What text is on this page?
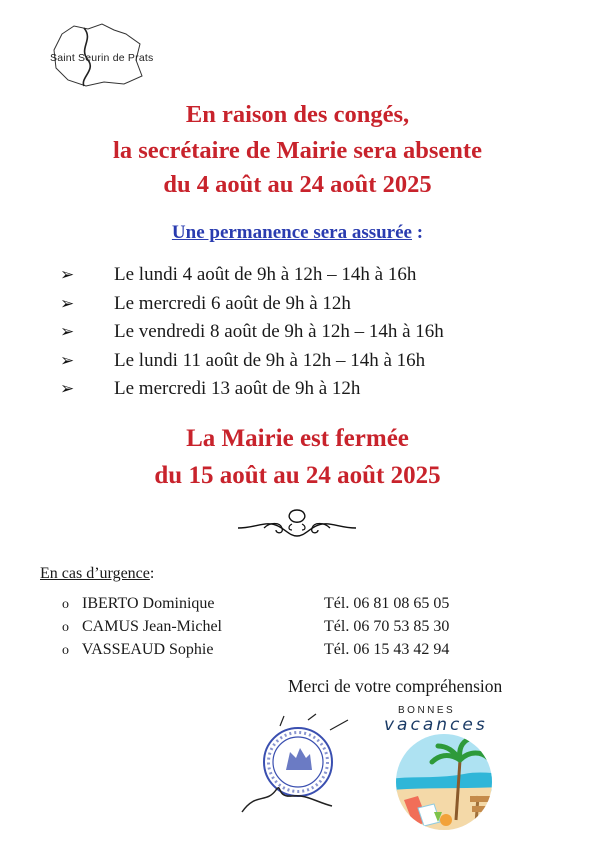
Saint Seurin de Prats
En raison des congés,
la secrétaire de Mairie sera absente
du 4 août au 24 août 2025
Une permanence sera assurée :
➢ Le lundi 4 août de 9h à 12h – 14h à 16h
➢ Le mercredi 6 août de 9h à 12h
➢ Le vendredi 8 août de 9h à 12h – 14h à 16h
➢ Le lundi 11 août de 9h à 12h – 14h à 16h
➢ Le mercredi 13 août de 9h à 12h
La Mairie est fermée
du 15 août au 24 août 2025
En cas d’urgence:
o IBERTO Dominique	Tél. 06 81 08 65 05
o CAMUS Jean-Michel	Tél. 06 70 53 85 30
o VASSEAUD Sophie	Tél. 06 15 43 42 94
Merci de votre compréhension
BONNES
vacances
